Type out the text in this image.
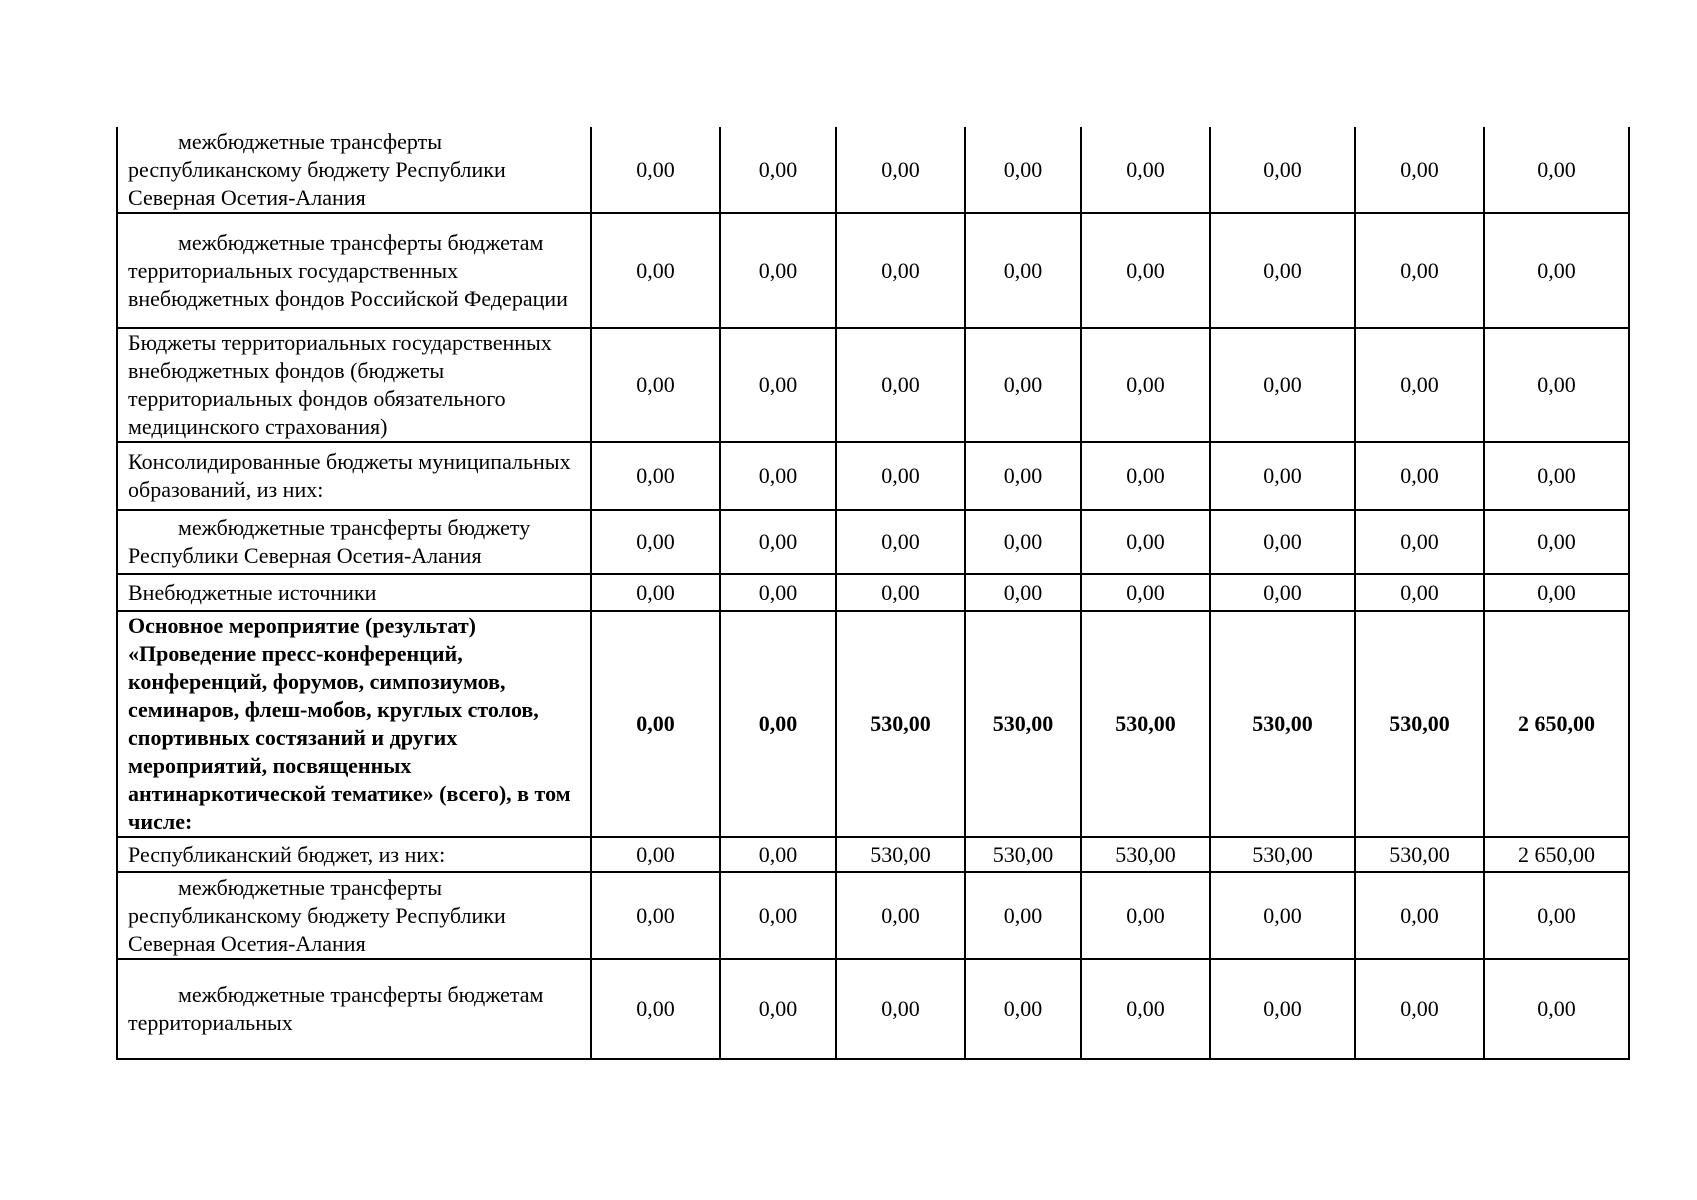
межбюджетные трансферты республиканскому бюджету Республики Северная Осетия-Алания	0,00	0,00	0,00	0,00	0,00	0,00	0,00	0,00
межбюджетные трансферты бюджетам территориальных государственных внебюджетных фондов Российской Федерации	0,00	0,00	0,00	0,00	0,00	0,00	0,00	0,00
Бюджеты территориальных государственных внебюджетных фондов (бюджеты территориальных фондов обязательного медицинского страхования)	0,00	0,00	0,00	0,00	0,00	0,00	0,00	0,00
Консолидированные бюджеты муниципальных образований, из них:	0,00	0,00	0,00	0,00	0,00	0,00	0,00	0,00
межбюджетные трансферты бюджету Республики Северная Осетия-Алания	0,00	0,00	0,00	0,00	0,00	0,00	0,00	0,00
Внебюджетные источники	0,00	0,00	0,00	0,00	0,00	0,00	0,00	0,00
Основное мероприятие (результат) «Проведение пресс-конференций, конференций, форумов, симпозиумов, семинаров, флеш-мобов, круглых столов, спортивных состязаний и других мероприятий, посвященных антинаркотической тематике» (всего), в том числе:	0,00	0,00	530,00	530,00	530,00	530,00	530,00	2 650,00
Республиканский бюджет, из них:	0,00	0,00	530,00	530,00	530,00	530,00	530,00	2 650,00
межбюджетные трансферты республиканскому бюджету Республики Северная Осетия-Алания	0,00	0,00	0,00	0,00	0,00	0,00	0,00	0,00
межбюджетные трансферты бюджетам территориальных	0,00	0,00	0,00	0,00	0,00	0,00	0,00	0,00
